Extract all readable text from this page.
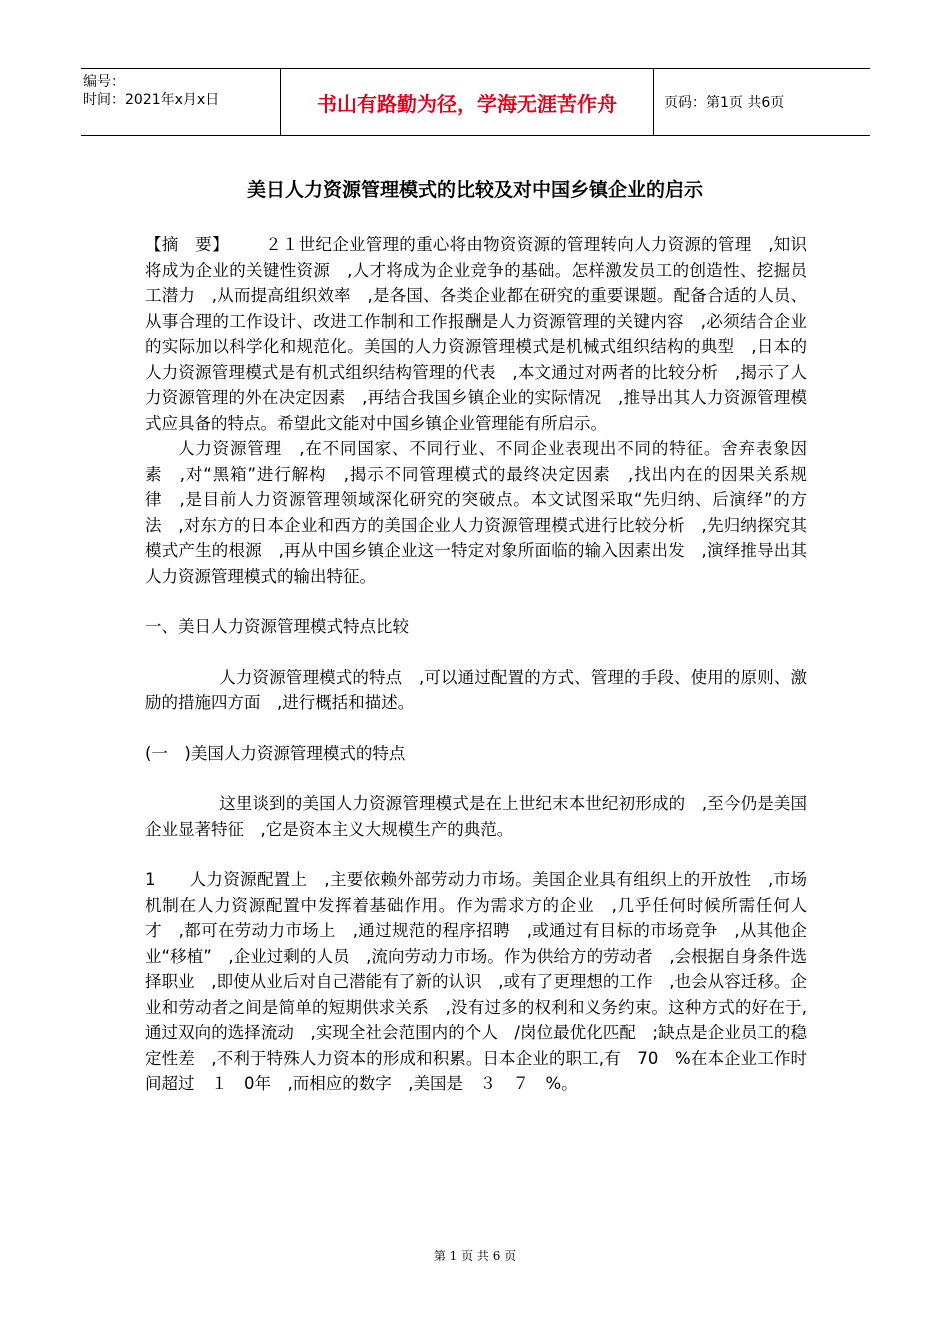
编号：
时间：2021年x月x日	书山有路勤为径，学海无涯苦作舟	页码：第1页 共6页
美日人力资源管理模式的比较及对中国乡镇企业的启示

【摘　要】 ２１世纪企业管理的重心将由物资资源的管理转向人力资源的管理　,知识将成为企业的关键性资源　,人才将成为企业竞争的基础。怎样激发员工的创造性、挖掘员工潜力　,从而提高组织效率　,是各国、各类企业都在研究的重要课题。配备合适的人员、从事合理的工作设计、改进工作制和工作报酬是人力资源管理的关键内容　,必须结合企业的实际加以科学化和规范化。美国的人力资源管理模式是机械式组织结构的典型　,日本的人力资源管理模式是有机式组织结构管理的代表　,本文通过对两者的比较分析　,揭示了人力资源管理的外在决定因素　,再结合我国乡镇企业的实际情况　,推导出其人力资源管理模式应具备的特点。希望此文能对中国乡镇企业管理能有所启示。

人力资源管理　,在不同国家、不同行业、不同企业表现出不同的特征。舍弃表象因素　,对“黑箱”进行解构　,揭示不同管理模式的最终决定因素　,找出内在的因果关系规律　,是目前人力资源管理领域深化研究的突破点。本文试图采取“先归纳、后演绎”的方法　,对东方的日本企业和西方的美国企业人力资源管理模式进行比较分析　,先归纳探究其模式产生的根源　,再从中国乡镇企业这一特定对象所面临的输入因素出发　,演绎推导出其人力资源管理模式的输出特征。

一、美日人力资源管理模式特点比较

人力资源管理模式的特点　,可以通过配置的方式、管理的手段、使用的原则、激励的措施四方面　,进行概括和描述。

(一　)美国人力资源管理模式的特点

这里谈到的美国人力资源管理模式是在上世纪末本世纪初形成的　,至今仍是美国企业显著特征　,它是资本主义大规模生产的典范。

1　　人力资源配置上　,主要依赖外部劳动力市场。美国企业具有组织上的开放性　,市场机制在人力资源配置中发挥着基础作用。作为需求方的企业　,几乎任何时候所需任何人才　,都可在劳动力市场上　,通过规范的程序招聘　,或通过有目标的市场竞争　,从其他企业“移植”　,企业过剩的人员　,流向劳动力市场。作为供给方的劳动者　,会根据自身条件选择职业　,即使从业后对自己潜能有了新的认识　,或有了更理想的工作　,也会从容迁移。企业和劳动者之间是简单的短期供求关系　,没有过多的权利和义务约束。这种方式的好在于,通过双向的选择流动　,实现全社会范围内的个人　/岗位最优化匹配　;缺点是企业员工的稳定性差　,不利于特殊人力资本的形成和积累。日本企业的职工,有　70　%在本企业工作时间超过　１　0年　,而相应的数字　,美国是　３　７　%。

第 1 页 共 6 页
